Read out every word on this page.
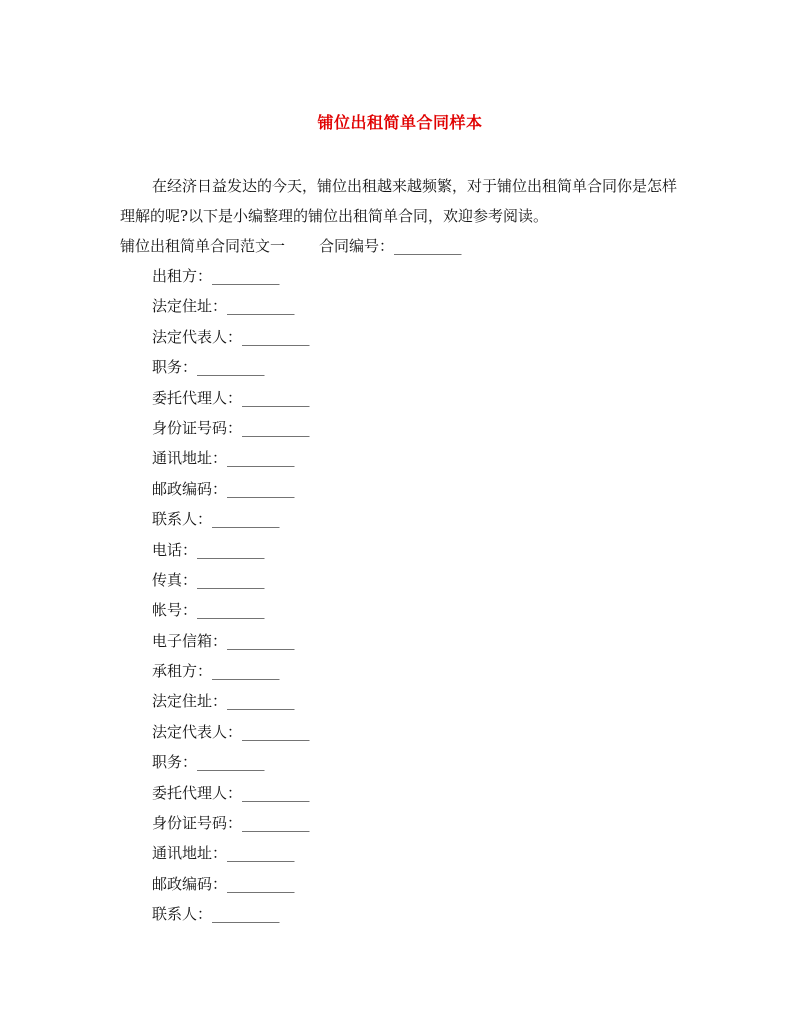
铺位出租简单合同样本
在经济日益发达的今天，铺位出租越来越频繁，对于铺位出租简单合同你是怎样理解的呢?以下是小编整理的铺位出租简单合同，欢迎参考阅读。
铺位出租简单合同范文一 合同编号：_________
出租方：_________
法定住址：_________
法定代表人：_________
职务：_________
委托代理人：_________
身份证号码：_________
通讯地址：_________
邮政编码：_________
联系人：_________
电话：_________
传真：_________
帐号：_________
电子信箱：_________
承租方：_________
法定住址：_________
法定代表人：_________
职务：_________
委托代理人：_________
身份证号码：_________
通讯地址：_________
邮政编码：_________
联系人：_________
